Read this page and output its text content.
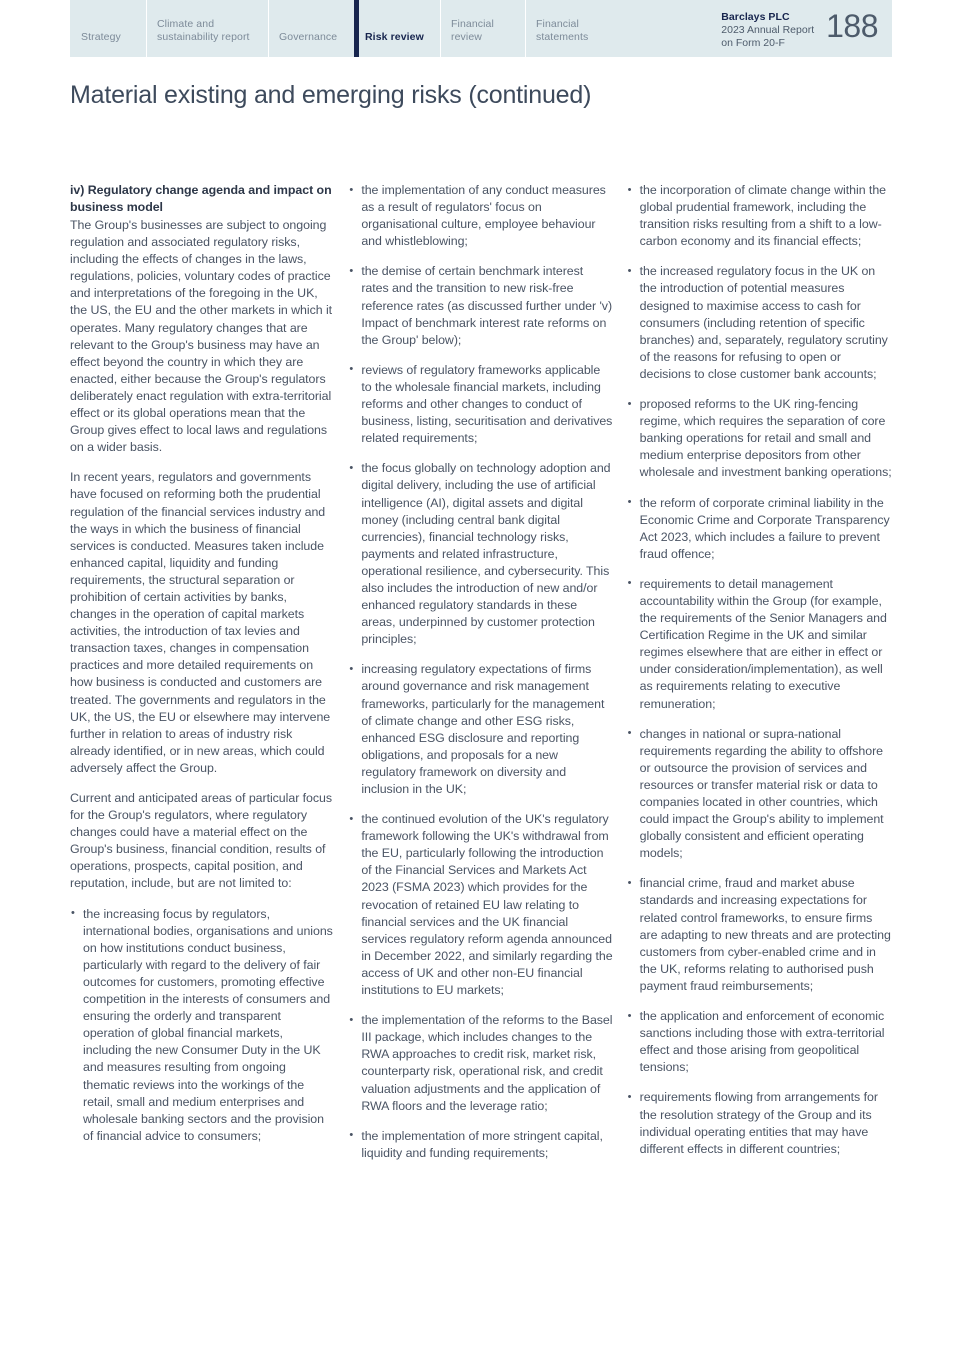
Strategy
Climate and sustainability report	Governance	Risk review
Financial review
Financial statements
Barclays PLC
2023 Annual Report
on Form 20-F	188
Material existing and emerging risks (continued)
iv) Regulatory change agenda and impact on business model

The Group's businesses are subject to ongoing regulation and associated regulatory risks, including the effects of changes in the laws, regulations, policies, voluntary codes of practice and interpretations of the foregoing in the UK, the US, the EU and the other markets in which it operates. Many regulatory changes that are relevant to the Group's business may have an effect beyond the country in which they are enacted, either because the Group's regulators deliberately enact regulation with extra-territorial effect or its global operations mean that the Group gives effect to local laws and regulations on a wider basis.

In recent years, regulators and governments have focused on reforming both the prudential regulation of the financial services industry and the ways in which the business of financial services is conducted. Measures taken include enhanced capital, liquidity and funding requirements, the structural separation or prohibition of certain activities by banks, changes in the operation of capital markets activities, the introduction of tax levies and transaction taxes, changes in compensation practices and more detailed requirements on how business is conducted and customers are treated. The governments and regulators in the UK, the US, the EU or elsewhere may intervene further in relation to areas of industry risk already identified, or in new areas, which could adversely affect the Group.

Current and anticipated areas of particular focus for the Group's regulators, where regulatory changes could have a material effect on the Group's business, financial condition, results of operations, prospects, capital position, and reputation, include, but are not limited to:

• the increasing focus by regulators, international bodies, organisations and unions on how institutions conduct business, particularly with regard to the delivery of fair outcomes for customers, promoting effective competition in the interests of consumers and ensuring the orderly and transparent operation of global financial markets, including the new Consumer Duty in the UK and measures resulting from ongoing thematic reviews into the workings of the retail, small and medium enterprises and wholesale banking sectors and the provision of financial advice to consumers;
• the implementation of any conduct measures as a result of regulators' focus on organisational culture, employee behaviour and whistleblowing;
• the demise of certain benchmark interest rates and the transition to new risk-free reference rates (as discussed further under 'v) Impact of benchmark interest rate reforms on the Group' below);
• reviews of regulatory frameworks applicable to the wholesale financial markets, including reforms and other changes to conduct of business, listing, securitisation and derivatives related requirements;
• the focus globally on technology adoption and digital delivery, including the use of artificial intelligence (AI), digital assets and digital money (including central bank digital currencies), financial technology risks, payments and related infrastructure, operational resilience, and cybersecurity. This also includes the introduction of new and/or enhanced regulatory standards in these areas, underpinned by customer protection principles;
• increasing regulatory expectations of firms around governance and risk management frameworks, particularly for the management of climate change and other ESG risks, enhanced ESG disclosure and reporting obligations, and proposals for a new regulatory framework on diversity and inclusion in the UK;
• the continued evolution of the UK's regulatory framework following the UK's withdrawal from the EU, particularly following the introduction of the Financial Services and Markets Act 2023 (FSMA 2023) which provides for the revocation of retained EU law relating to financial services and the UK financial services regulatory reform agenda announced in December 2022, and similarly regarding the access of UK and other non-EU financial institutions to EU markets;
• the implementation of the reforms to the Basel III package, which includes changes to the RWA approaches to credit risk, market risk, counterparty risk, operational risk, and credit valuation adjustments and the application of RWA floors and the leverage ratio;
• the implementation of more stringent capital, liquidity and funding requirements;
• the incorporation of climate change within the global prudential framework, including the transition risks resulting from a shift to a low-carbon economy and its financial effects;
• the increased regulatory focus in the UK on the introduction of potential measures designed to maximise access to cash for consumers (including retention of specific branches) and, separately, regulatory scrutiny of the reasons for refusing to open or decisions to close customer bank accounts;
• proposed reforms to the UK ring-fencing regime, which requires the separation of core banking operations for retail and small and medium enterprise depositors from other wholesale and investment banking operations;
• the reform of corporate criminal liability in the Economic Crime and Corporate Transparency Act 2023, which includes a failure to prevent fraud offence;
• requirements to detail management accountability within the Group (for example, the requirements of the Senior Managers and Certification Regime in the UK and similar regimes elsewhere that are either in effect or under consideration/implementation), as well as requirements relating to executive remuneration;
• changes in national or supra-national requirements regarding the ability to offshore or outsource the provision of services and resources or transfer material risk or data to companies located in other countries, which could impact the Group's ability to implement globally consistent and efficient operating models;
• financial crime, fraud and market abuse standards and increasing expectations for related control frameworks, to ensure firms are adapting to new threats and are protecting customers from cyber-enabled crime and in the UK, reforms relating to authorised push payment fraud reimbursements;
• the application and enforcement of economic sanctions including those with extra-territorial effect and those arising from geopolitical tensions;
• requirements flowing from arrangements for the resolution strategy of the Group and its individual operating entities that may have different effects in different countries;
